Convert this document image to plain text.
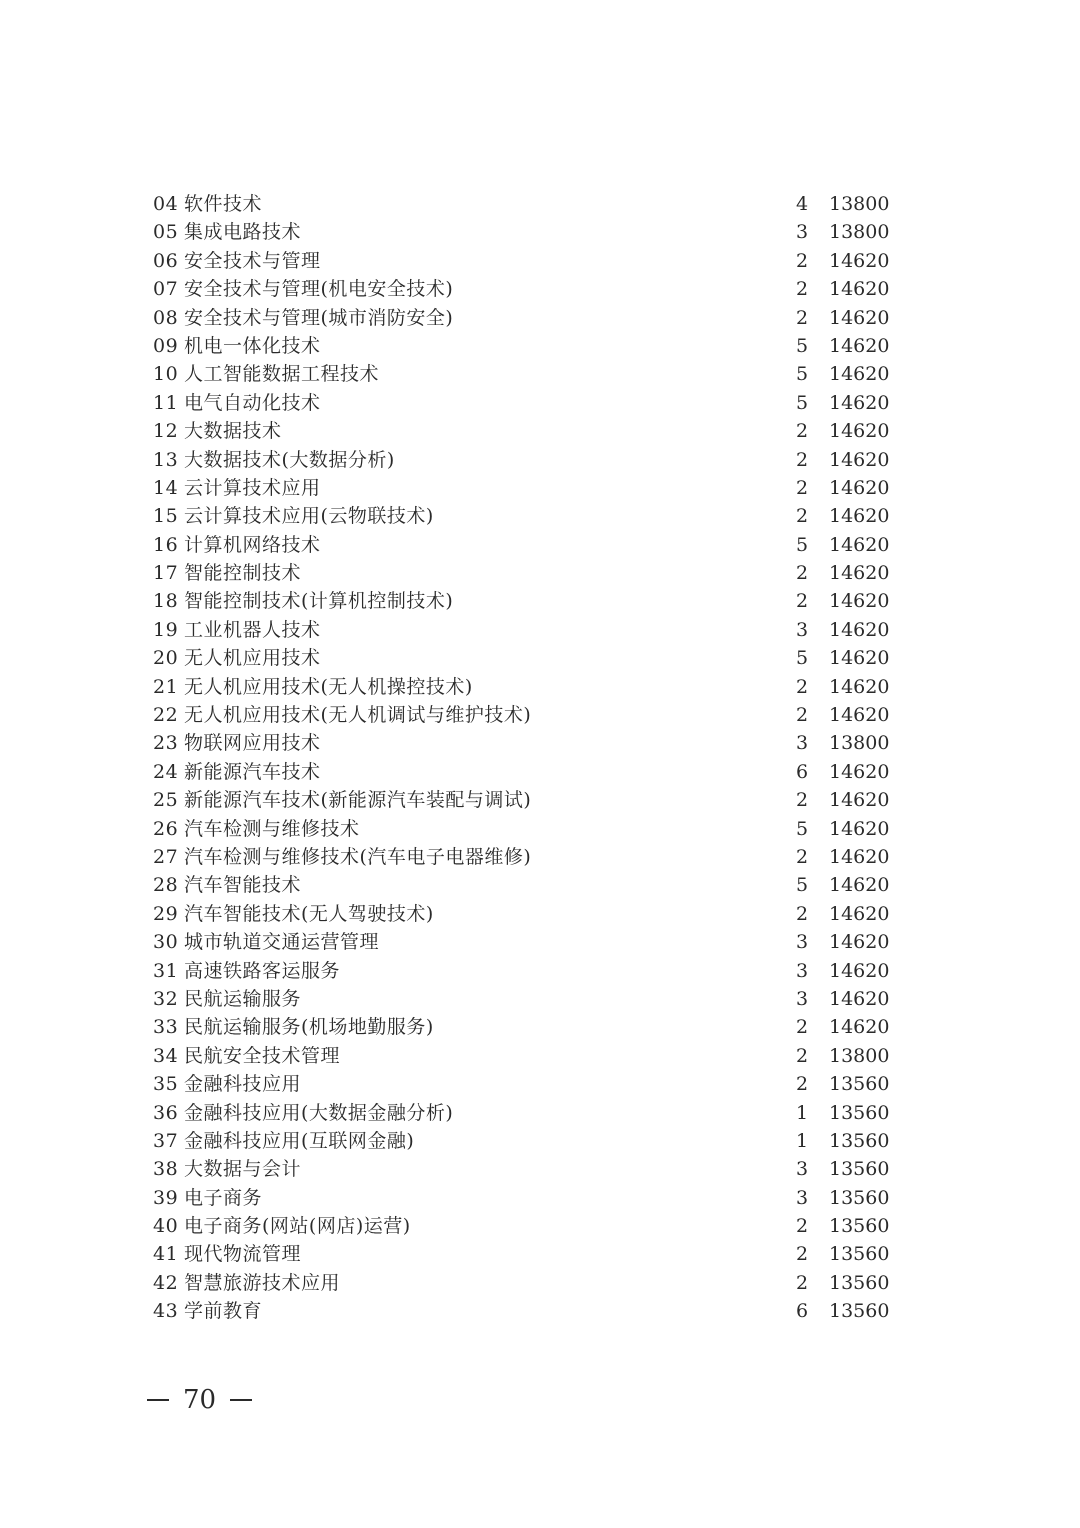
04 软件技术	4 13800
05 集成电路技术	3 13800
06 安全技术与管理	2 14620
07 安全技术与管理(机电安全技术)	2 14620
08 安全技术与管理(城市消防安全)	2 14620
09 机电一体化技术	5 14620
10 人工智能数据工程技术	5 14620
11 电气自动化技术	5 14620
12 大数据技术	2 14620
13 大数据技术(大数据分析)	2 14620
14 云计算技术应用	2 14620
15 云计算技术应用(云物联技术)	2 14620
16 计算机网络技术	5 14620
17 智能控制技术	2 14620
18 智能控制技术(计算机控制技术)	2 14620
19 工业机器人技术	3 14620
20 无人机应用技术	5 14620
21 无人机应用技术(无人机操控技术)	2 14620
22 无人机应用技术(无人机调试与维护技术)	2 14620
23 物联网应用技术	3 13800
24 新能源汽车技术	6 14620
25 新能源汽车技术(新能源汽车装配与调试)	2 14620
26 汽车检测与维修技术	5 14620
27 汽车检测与维修技术(汽车电子电器维修)	2 14620
28 汽车智能技术	5 14620
29 汽车智能技术(无人驾驶技术)	2 14620
30 城市轨道交通运营管理	3 14620
31 高速铁路客运服务	3 14620
32 民航运输服务	3 14620
33 民航运输服务(机场地勤服务)	2 14620
34 民航安全技术管理	2 13800
35 金融科技应用	2 13560
36 金融科技应用(大数据金融分析)	1 13560
37 金融科技应用(互联网金融)	1 13560
38 大数据与会计	3 13560
39 电子商务	3 13560
40 电子商务(网站(网店)运营)	2 13560
41 现代物流管理	2 13560
42 智慧旅游技术应用	2 13560
43 学前教育	6 13560
70
